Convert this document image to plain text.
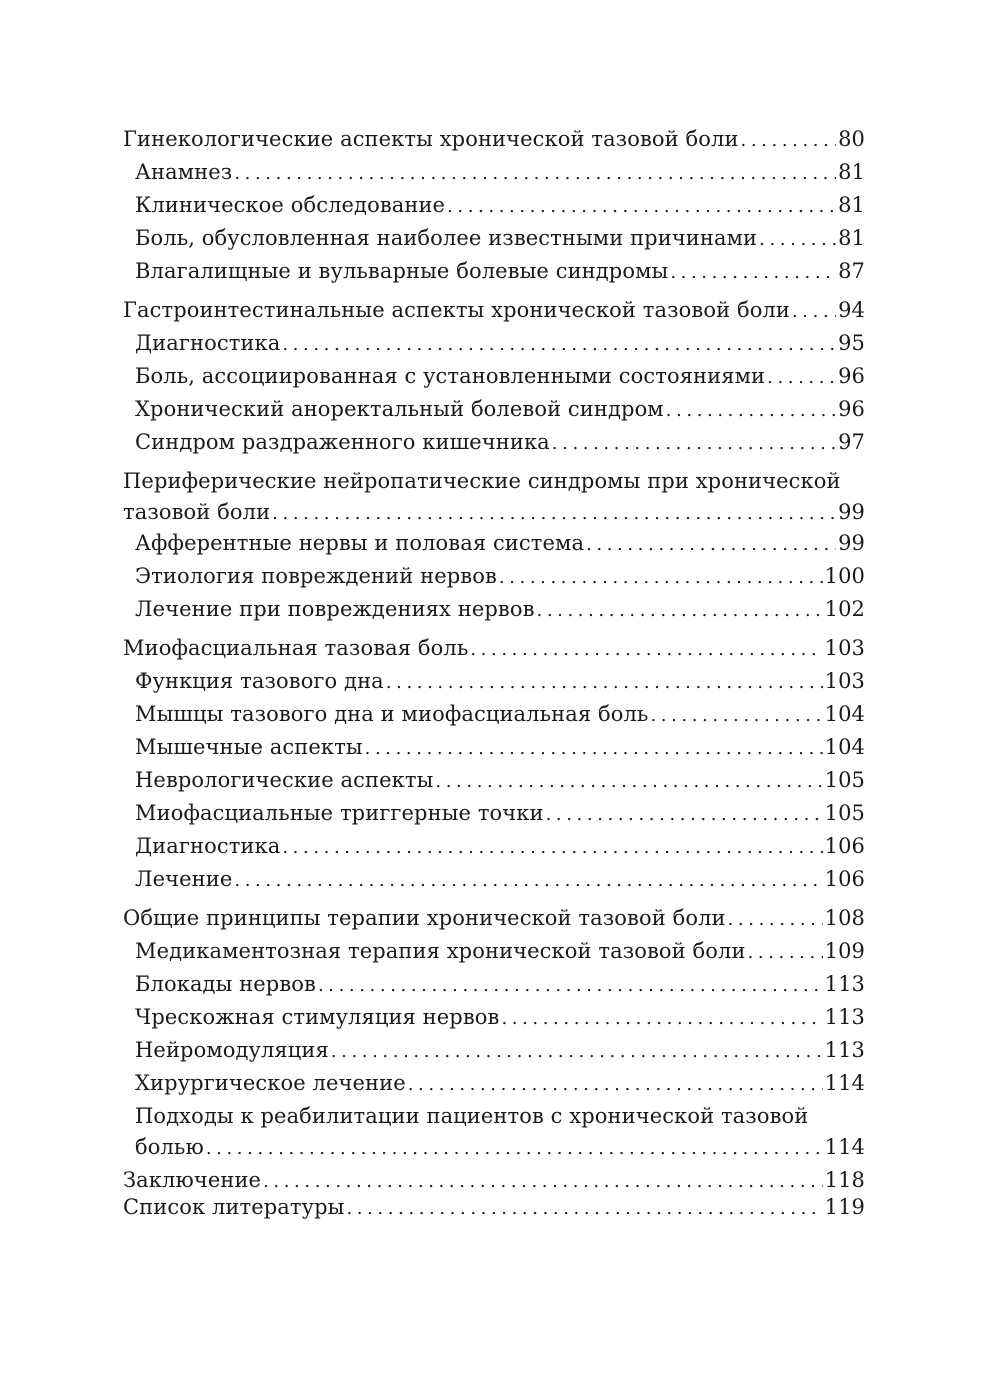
Гинекологические аспекты хронической тазовой боли .....	80
Анамнез .....	81
Клиническое обследование .....	81
Боль, обусловленная наиболее известными причинами .....	81
Влагалищные и вульварные болевые синдромы .....	87
Гастроинтестинальные аспекты хронической тазовой боли ..... 94
Диагностика .....	95
Боль, ассоциированная с установленными состояниями .....	96
Хронический аноректальный болевой синдром .....	96
Синдром раздраженного кишечника .....	97
Периферические нейропатические синдромы при хронической
тазовой боли .....	99
Афферентные нервы и половая система .....	99
Этиология повреждений нервов .....	100
Лечение при повреждениях нервов .....	102
Миофасциальная тазовая боль .....	103
Функция тазового дна .....	103
Мышцы тазового дна и миофасциальная боль .....	104
Мышечные аспекты .....	104
Неврологические аспекты .....	105
Миофасциальные триггерные точки .....	105
Диагностика .....	106
Лечение .....	106
Общие принципы терапии хронической тазовой боли .....	108
Медикаментозная терапия хронической тазовой боли .....	109
Блокады нервов .....	113
Чрескожная стимуляция нервов .....	113
Нейромодуляция .....	113
Хирургическое лечение .....	114
Подходы к реабилитации пациентов с хронической тазовой
болью .....	114
Заключение .....	118
Список литературы .....	119
